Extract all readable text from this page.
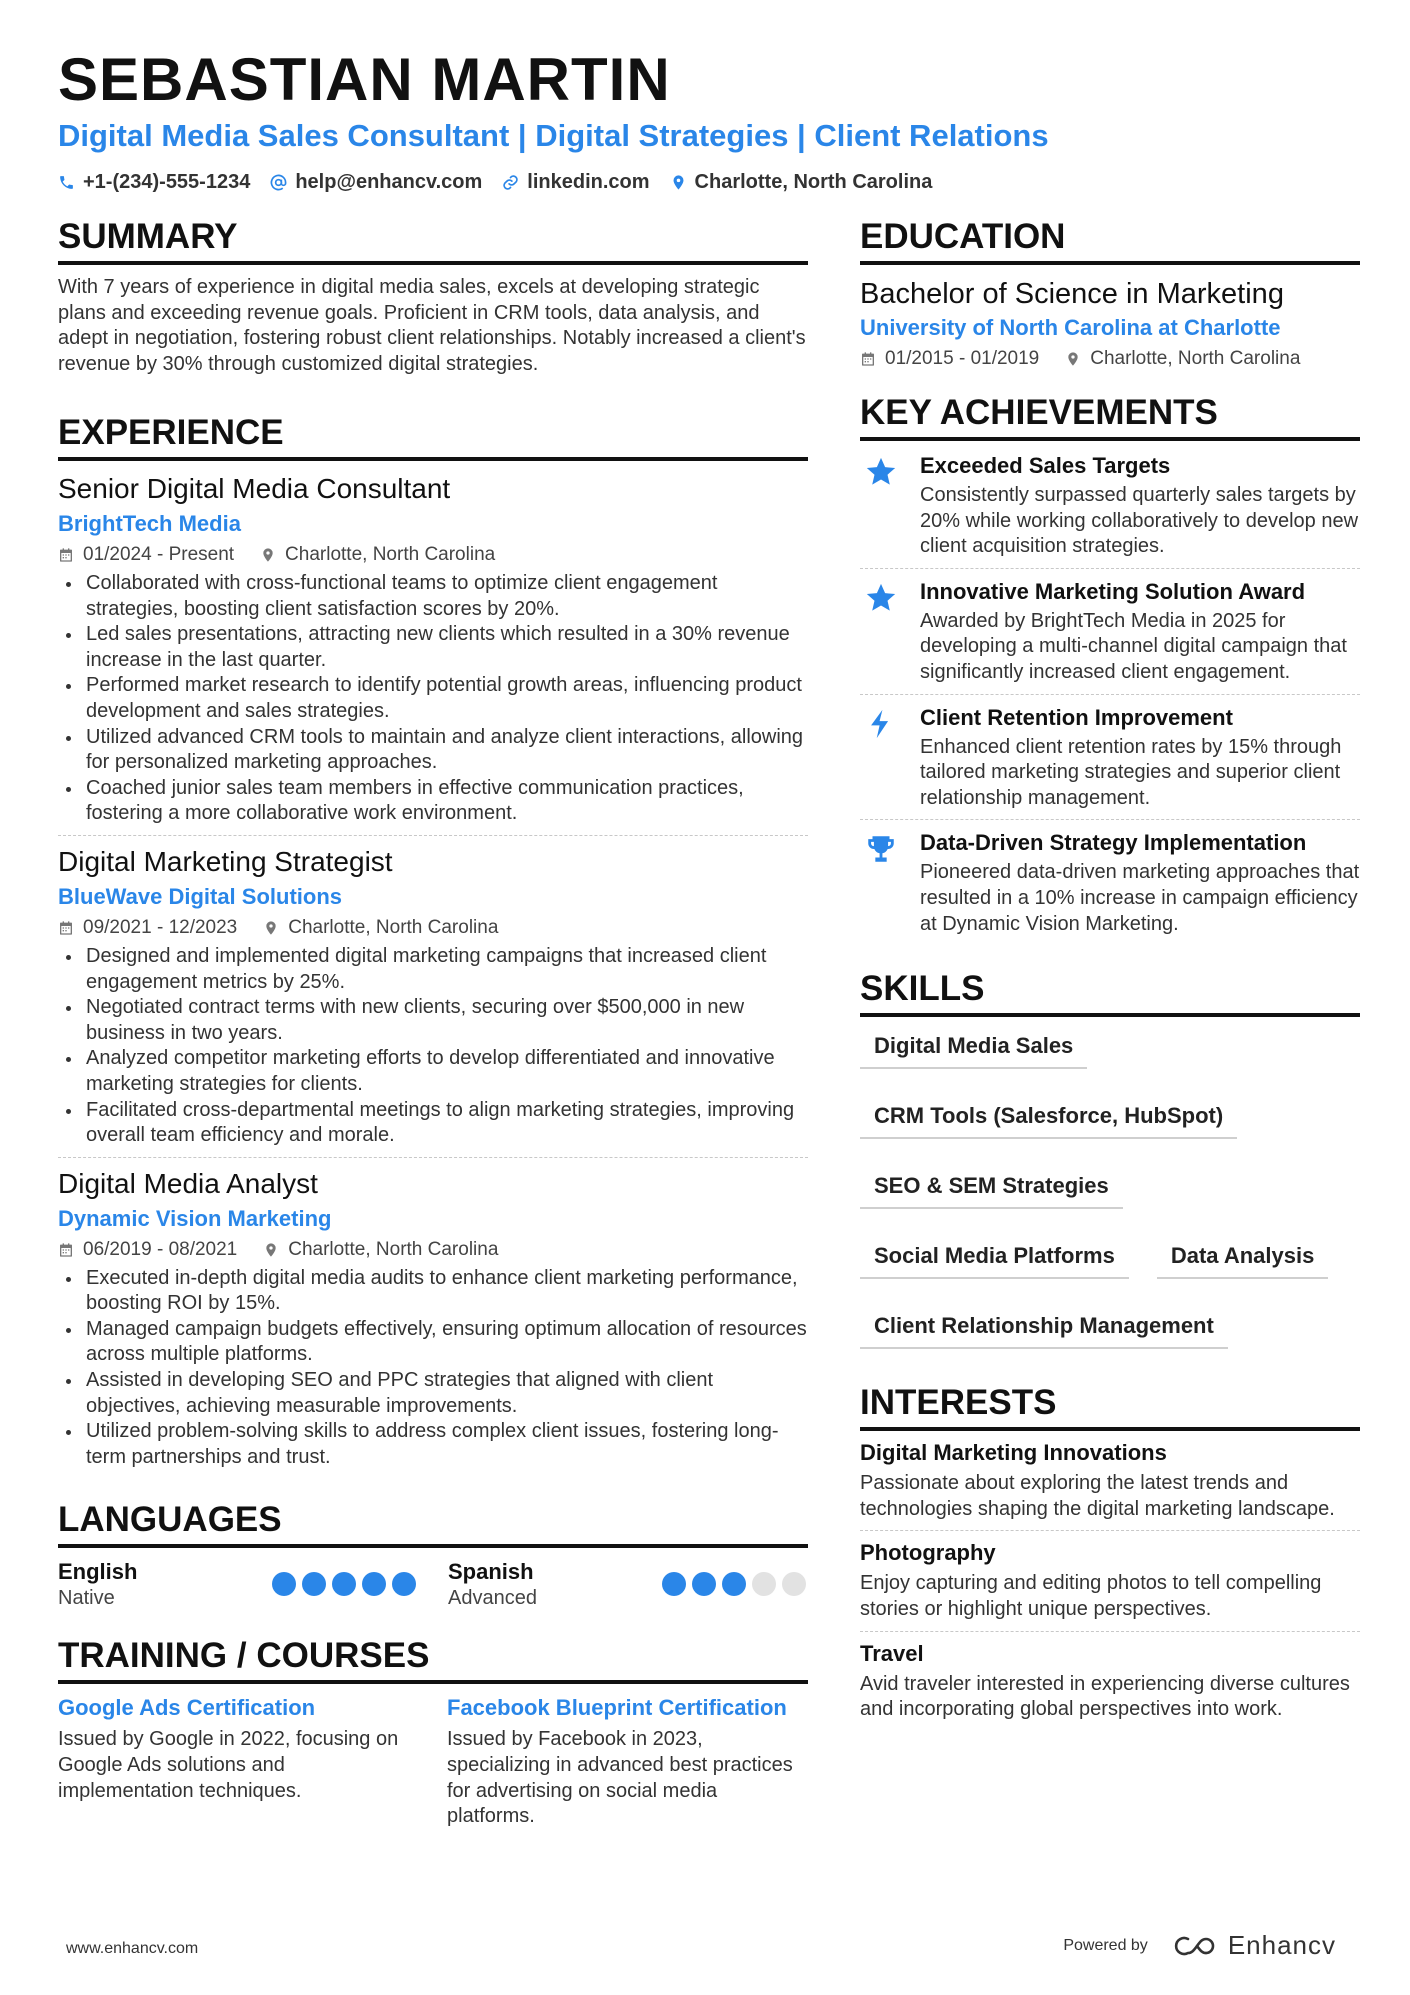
SEBASTIAN MARTIN
Digital Media Sales Consultant | Digital Strategies | Client Relations
+1-(234)-555-1234 help@enhancv.com linkedin.com Charlotte, North Carolina
SUMMARY

With 7 years of experience in digital media sales, excels at developing strategic plans and exceeding revenue goals. Proficient in CRM tools, data analysis, and adept in negotiation, fostering robust client relationships. Notably increased a client's revenue by 30% through customized digital strategies.

EXPERIENCE
Senior Digital Media Consultant
BrightTech Media
01/2024 - Present	Charlotte, North Carolina
Collaborated with cross-functional teams to optimize client engagement strategies, boosting client satisfaction scores by 20%.
Led sales presentations, attracting new clients which resulted in a 30% revenue increase in the last quarter.
Performed market research to identify potential growth areas, influencing product development and sales strategies.
Utilized advanced CRM tools to maintain and analyze client interactions, allowing for personalized marketing approaches.
Coached junior sales team members in effective communication practices, fostering a more collaborative work environment.
Digital Marketing Strategist
BlueWave Digital Solutions
09/2021 - 12/2023	Charlotte, North Carolina
Designed and implemented digital marketing campaigns that increased client engagement metrics by 25%.
Negotiated contract terms with new clients, securing over $500,000 in new business in two years.
Analyzed competitor marketing efforts to develop differentiated and innovative marketing strategies for clients.
Facilitated cross-departmental meetings to align marketing strategies, improving overall team efficiency and morale.
Digital Media Analyst
Dynamic Vision Marketing
06/2019 - 08/2021	Charlotte, North Carolina
Executed in-depth digital media audits to enhance client marketing performance, boosting ROI by 15%.
Managed campaign budgets effectively, ensuring optimum allocation of resources across multiple platforms.
Assisted in developing SEO and PPC strategies that aligned with client objectives, achieving measurable improvements.
Utilized problem-solving skills to address complex client issues, fostering long-term partnerships and trust.
LANGUAGES
English
Native
Spanish
Advanced
TRAINING / COURSES
Google Ads Certification
Issued by Google in 2022, focusing on Google Ads solutions and implementation techniques.
Facebook Blueprint Certification
Issued by Facebook in 2023, specializing in advanced best practices for advertising on social media platforms.
EDUCATION
Bachelor of Science in Marketing
University of North Carolina at Charlotte
01/2015 - 01/2019	Charlotte, North Carolina
KEY ACHIEVEMENTS
Exceeded Sales Targets
Consistently surpassed quarterly sales targets by 20% while working collaboratively to develop new client acquisition strategies.
Innovative Marketing Solution Award
Awarded by BrightTech Media in 2025 for developing a multi-channel digital campaign that significantly increased client engagement.
Client Retention Improvement
Enhanced client retention rates by 15% through tailored marketing strategies and superior client relationship management.
Data-Driven Strategy Implementation
Pioneered data-driven marketing approaches that resulted in a 10% increase in campaign efficiency at Dynamic Vision Marketing.
SKILLS
Digital Media Sales
CRM Tools (Salesforce, HubSpot)
SEO & SEM Strategies
Social Media Platforms	Data Analysis
Client Relationship Management
INTERESTS
Digital Marketing Innovations
Passionate about exploring the latest trends and technologies shaping the digital marketing landscape.
Photography
Enjoy capturing and editing photos to tell compelling stories or highlight unique perspectives.
Travel
Avid traveler interested in experiencing diverse cultures and incorporating global perspectives into work.
www.enhancv.com	Powered by	Enhancv
